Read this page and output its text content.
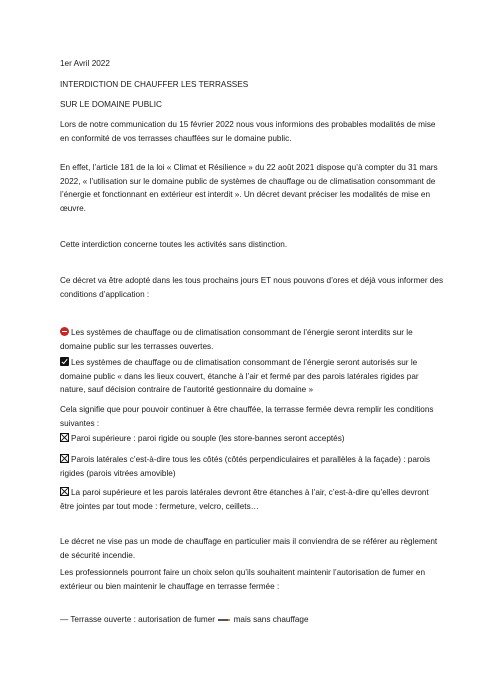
1er Avril 2022
INTERDICTION DE CHAUFFER LES TERRASSES
SUR LE DOMAINE PUBLIC
Lors de notre communication du 15 février 2022 nous vous informions des probables modalités de mise en conformité de vos terrasses chauffées sur le domaine public.
En effet, l’article 181 de la loi « Climat et Résilience » du 22 août 2021 dispose qu’à compter du 31 mars 2022, « l’utilisation sur le domaine public de systèmes de chauffage ou de climatisation consommant de l’énergie et fonctionnant en extérieur est interdit ». Un décret devant préciser les modalités de mise en œuvre.
Cette interdiction concerne toutes les activités sans distinction.
Ce décret va être adopté dans les tous prochains jours ET nous pouvons d’ores et déjà vous informer des conditions d’application :
Les systèmes de chauffage ou de climatisation consommant de l’énergie seront interdits sur le domaine public sur les terrasses ouvertes.
Les systèmes de chauffage ou de climatisation consommant de l’énergie seront autorisés sur le domaine public « dans les lieux couvert, étanche à l’air et fermé par des parois latérales rigides par nature, sauf décision contraire de l’autorité gestionnaire du domaine »
Cela signifie que pour pouvoir continuer à être chauffée, la terrasse fermée devra remplir les conditions suivantes :
Paroi supérieure : paroi rigide ou souple (les store-bannes seront acceptés)
Parois latérales c’est-à-dire tous les côtés (côtés perpendiculaires et parallèles à la façade) : parois rigides (parois vitrées amovible)
La paroi supérieure et les parois latérales devront être étanches à l’air, c’est-à-dire qu’elles devront être jointes par tout mode : fermeture, velcro, ceillets…
Le décret ne vise pas un mode de chauffage en particulier mais il conviendra de se référer au règlement de sécurité incendie.
Les professionnels pourront faire un choix selon qu’ils souhaitent maintenir l’autorisation de fumer en extérieur ou bien maintenir le chauffage en terrasse fermée :
— Terrasse ouverte : autorisation de fumer mais sans chauffage
